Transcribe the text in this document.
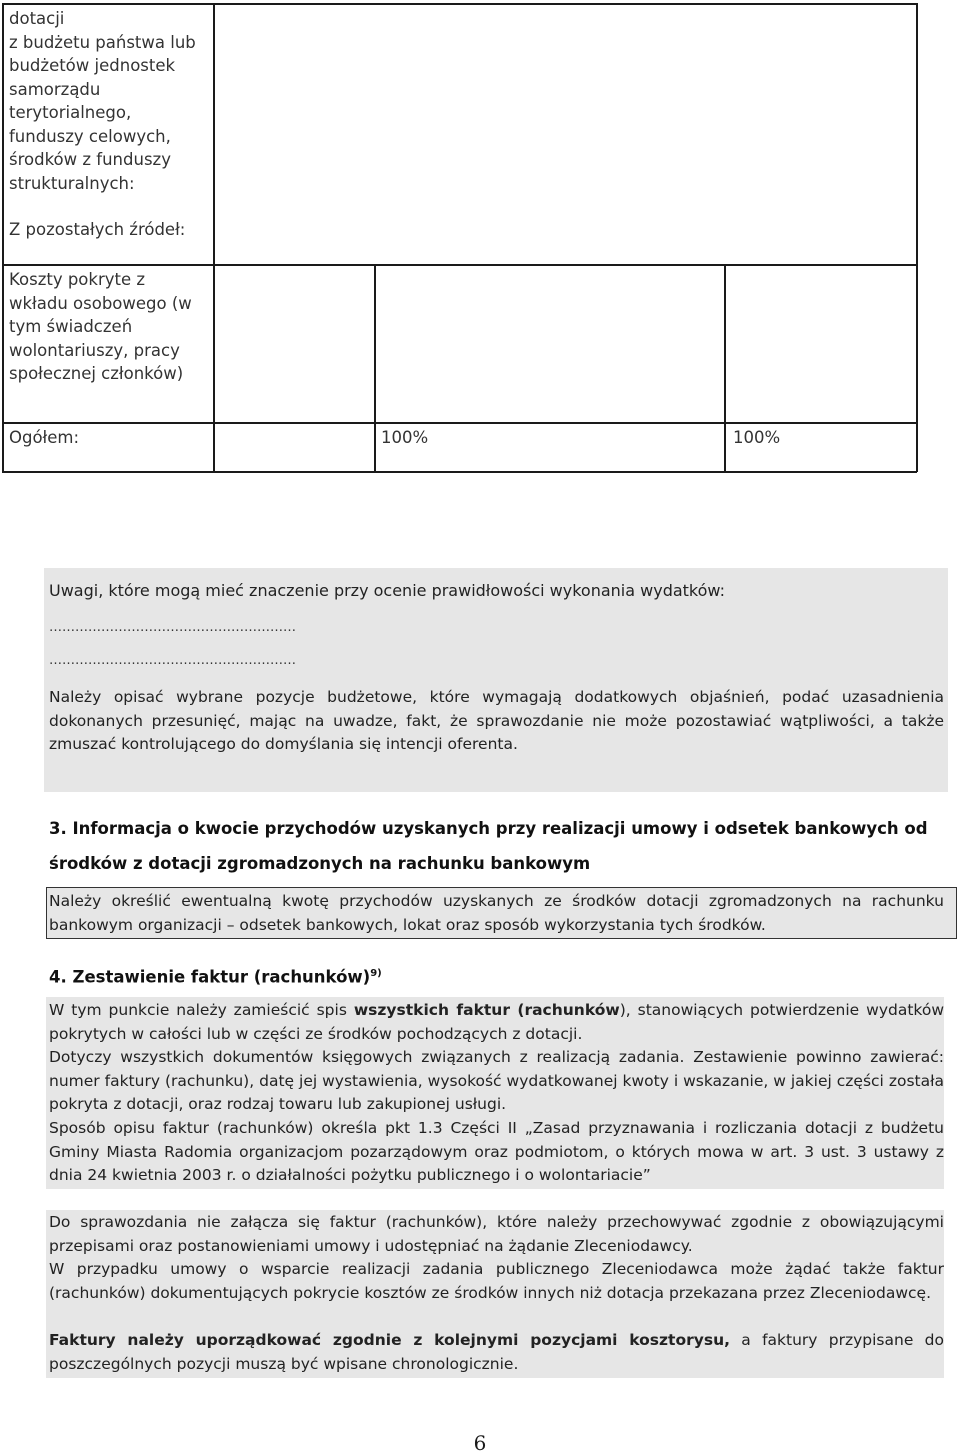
dotacji
z budżetu państwa lub budżetów jednostek samorządu terytorialnego, funduszy celowych, środków z funduszy strukturalnych:
Z pozostałych źródeł:
Koszty pokryte z wkładu osobowego (w tym świadczeń wolontariuszy, pracy społecznej członków)
Ogółem:	100%	100%
Uwagi, które mogą mieć znaczenie przy ocenie prawidłowości wykonania wydatków:
…………………………………………………
…………………………………………………
Należy opisać wybrane pozycje budżetowe, które wymagają dodatkowych objaśnień, podać uzasadnienia dokonanych przesunięć, mając na uwadze, fakt, że sprawozdanie nie może pozostawiać wątpliwości, a także zmuszać kontrolującego do domyślania się intencji oferenta.
3. Informacja o kwocie przychodów uzyskanych przy realizacji umowy i odsetek bankowych od
środków z dotacji zgromadzonych na rachunku bankowym
Należy określić ewentualną kwotę przychodów uzyskanych ze środków dotacji zgromadzonych na rachunku bankowym organizacji – odsetek bankowych, lokat oraz sposób wykorzystania tych środków.
4. Zestawienie faktur (rachunków)$^{9)}$
W tym punkcie należy zamieścić spis wszystkich faktur (rachunków), stanowiących potwierdzenie wydatków pokrytych w całości lub w części ze środków pochodzących z dotacji.
Dotyczy wszystkich dokumentów księgowych związanych z realizacją zadania. Zestawienie powinno zawierać: numer faktury (rachunku), datę jej wystawienia, wysokość wydatkowanej kwoty i wskazanie, w jakiej części została pokryta z dotacji, oraz rodzaj towaru lub zakupionej usługi.
Sposób opisu faktur (rachunków) określa pkt 1.3 Części II „Zasad przyznawania i rozliczania dotacji z budżetu Gminy Miasta Radomia organizacjom pozarządowym oraz podmiotom, o których mowa w art. 3 ust. 3 ustawy z dnia 24 kwietnia 2003 r. o działalności pożytku publicznego i o wolontariacie”
Do sprawozdania nie załącza się faktur (rachunków), które należy przechowywać zgodnie z obowiązującymi przepisami oraz postanowieniami umowy i udostępniać na żądanie Zleceniodawcy.
W przypadku umowy o wsparcie realizacji zadania publicznego Zleceniodawca może żądać także faktur (rachunków) dokumentujących pokrycie kosztów ze środków innych niż dotacja przekazana przez Zleceniodawcę.
Faktury należy uporządkować zgodnie z kolejnymi pozycjami kosztorysu, a faktury przypisane do poszczególnych pozycji muszą być wpisane chronologicznie.
6
